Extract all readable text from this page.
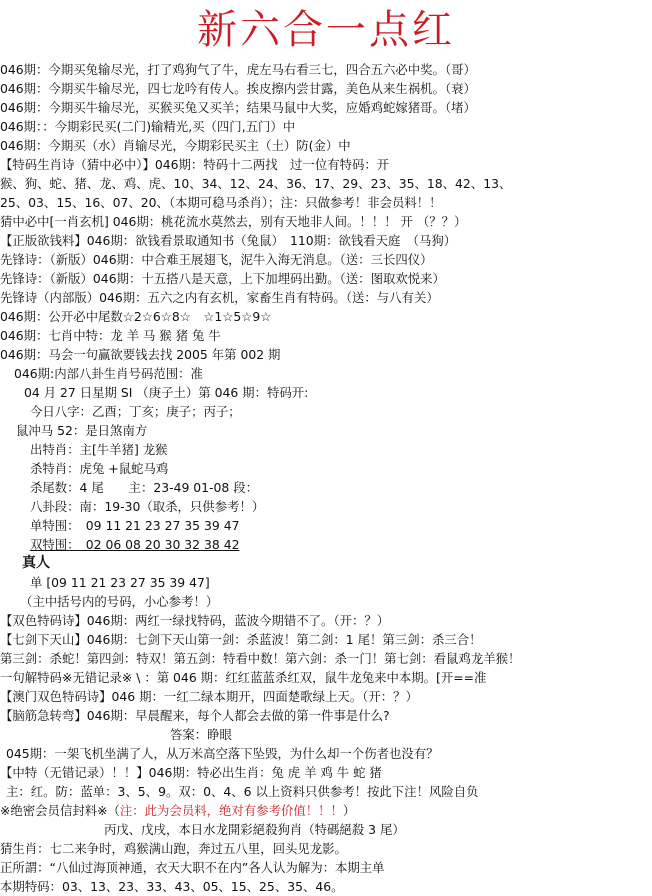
新六合一点红
046期：今期买兔输尽光，打了鸡狗气了牛，虎左马右看三七，四合五六必中奖。（哥）
046期：今期买牛输尽光，四七龙吟有传人。挨皮擦内尝甘露，美色从来生祸机。（衰）
046期：今期买牛输尽光，买猴买兔又买羊；结果马鼠中大奖，应婚鸡蛇嫁猪哥。（堵）
046期：：今期彩民买(二门)输精光,买（四门,五门）中
046期：今期买（水）肖输尽光，今期彩民买主（土）防(金）中
【特码生肖诗（猜中必中）】046期：特码十二两找　过一位有特码：开
猴、狗、蛇、猪、龙、鸡、虎、10、34、12、24、36、17、29、23、35、18、42、13、
25、03、15、16、07、20、（本期可稳马杀肖）；注：只做参考！非会员料！！
猜中必中[一肖玄机] 046期：桃花流水莫然去，别有天地非人间。！！！ 开 （？？）
【正版欲钱料】046期：欲钱看景取通知书（兔鼠）　110期：欲钱看天庭　（马狗）
先锋诗：（新版）046期：中合难王展翅飞，泥牛入海无消息。（送：三长四仪）
先锋诗：（新版）046期：十五搭八是天意，上下加埋码出勤。（送：图取欢悦来）
先锋诗（内部版）046期：五六之内有玄机，家畜生肖有特码。（送：与八有关）
046期：公开必中尾数☆2☆6☆8☆　☆1☆5☆9☆
046期：七肖中特：龙 羊 马 猴 猪 兔 牛
046期：马会一句赢欲要钱去找 2005 年第 002 期
046期:内部八卦生肖号码范围：准
04 月 27 日星期 SI （庚子土）第 046 期：特码开:
今日八字：乙酉；丁亥；庚子；丙子；
鼠冲马 52：是日煞南方
出特肖：主[牛羊猪] 龙猴
杀特肖：虎兔 +鼠蛇马鸡
杀尾数：4 尾　　主：23-49 01-08 段：
八卦段：南：19-30（取杀，只供参考！）
单特围：　09 11 21 23 27 35 39 47
双特围：　02 06 08 20 30 32 38 42
真人
单 [09 11 21 23 27 35 39 47]
（主中括号内的号码，小心参考！）
【双色特码诗】046期：两红一绿找特码，蓝波今期错不了。（开：？）
【七剑下天山】046期：七剑下天山第一剑：杀蓝波！第二剑：1 尾！第三剑：杀三合！
第三剑：杀蛇！第四剑：特双！第五剑：特看中数！第六剑：杀一门！第七剑：看鼠鸡龙羊猴！
一句解特码※无错记录※ \ ：第 046 期：红红蓝蓝杀红双，鼠牛龙兔来中本期。[开==准
【澳门双色特码诗】046 期：一红二绿本期开，四面楚歌绿上天。（开：？）
【脑筋急转弯】046期：早晨醒来，每个人都会去做的第一件事是什么?
答案：睁眼
045期：一架飞机坐满了人，从万米高空落下坠毁，为什么却一个伤者也没有？
【中特（无错记录）！！】046期：特必出生肖：兔 虎 羊 鸡 牛 蛇 猪
主：红。防：蓝单：3、5、9。双：0、4、6 以上资料只供参考！按此下注！风险自负
※绝密会员信封料※（注：此为会员料，绝对有参考价值！！！）
丙戊、戊戌，本日水龙開彩絕殺狗肖（特碼絕殺 3 尾）
猜生肖：七二来争时，鸡猴满山跑，奔过五八里，回头见龙影。
正所謂：“八仙过海顶神通，衣天大职不在内”各人认为解为：本期主单
本期特码：03、13、23、33、43、05、15、25、35、46。
